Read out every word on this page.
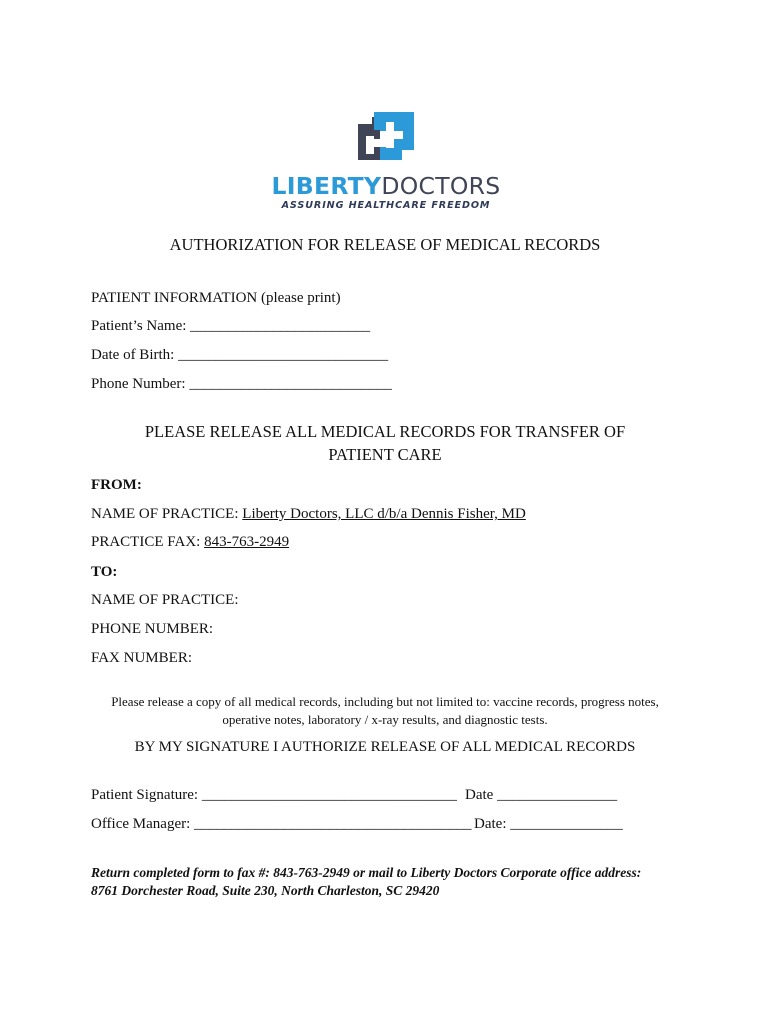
LIBERTYDOCTORS
ASSURING HEALTHCARE FREEDOM
AUTHORIZATION FOR RELEASE OF MEDICAL RECORDS
PATIENT INFORMATION (please print)
Patient’s Name: ________________________
Date of Birth: ____________________________
Phone Number: ___________________________
PLEASE RELEASE ALL MEDICAL RECORDS FOR TRANSFER OF
PATIENT CARE
FROM:
NAME OF PRACTICE: Liberty Doctors, LLC d/b/a Dennis Fisher, MD
PRACTICE FAX: 843-763-2949
TO:
NAME OF PRACTICE:
PHONE NUMBER:
FAX NUMBER:
Please release a copy of all medical records, including but not limited to: vaccine records, progress notes,
operative notes, laboratory / x-ray results, and diagnostic tests.
BY MY SIGNATURE I AUTHORIZE RELEASE OF ALL MEDICAL RECORDS
Patient Signature: __________________________________ Date ________________
Office Manager: _____________________________________ Date: _______________
Return completed form to fax #: 843-763-2949 or mail to Liberty Doctors Corporate office address:
8761 Dorchester Road, Suite 230, North Charleston, SC 29420
